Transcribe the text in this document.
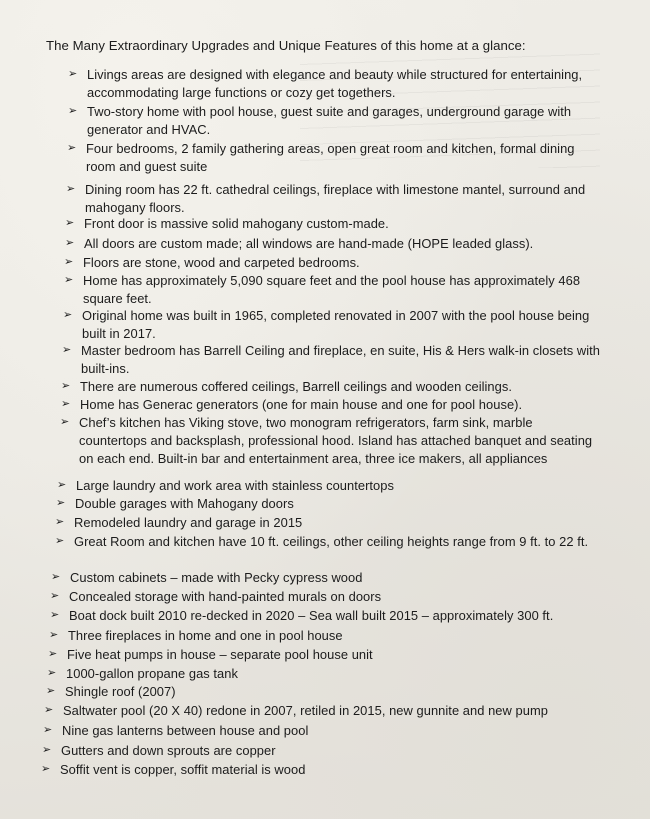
The Many Extraordinary Upgrades and Unique Features of this home at a glance:
➢ Livings areas are designed with elegance and beauty while structured for entertaining, accommodating large functions or cozy get togethers.
➢ Two-story home with pool house, guest suite and garages, underground garage with generator and HVAC.
➢ Four bedrooms, 2 family gathering areas, open great room and kitchen, formal dining room and guest suite
➢ Dining room has 22 ft. cathedral ceilings, fireplace with limestone mantel, surround and mahogany floors.
➢ Front door is massive solid mahogany custom-made.
➢ All doors are custom made; all windows are hand-made (HOPE leaded glass).
➢ Floors are stone, wood and carpeted bedrooms.
➢ Home has approximately 5,090 square feet and the pool house has approximately 468 square feet.
➢ Original home was built in 1965, completed renovated in 2007 with the pool house being built in 2017.
➢ Master bedroom has Barrell Ceiling and fireplace, en suite, His & Hers walk-in closets with built-ins.
➢ There are numerous coffered ceilings, Barrell ceilings and wooden ceilings.
➢ Home has Generac generators (one for main house and one for pool house).
➢ Chef’s kitchen has Viking stove, two monogram refrigerators, farm sink, marble countertops and backsplash, professional hood. Island has attached banquet and seating on each end. Built-in bar and entertainment area, three ice makers, all appliances
➢ Large laundry and work area with stainless countertops
➢ Double garages with Mahogany doors
➢ Remodeled laundry and garage in 2015
➢ Great Room and kitchen have 10 ft. ceilings, other ceiling heights range from 9 ft. to 22 ft.
➢ Custom cabinets – made with Pecky cypress wood
➢ Concealed storage with hand-painted murals on doors
➢ Boat dock built 2010 re-decked in 2020 – Sea wall built 2015 – approximately 300 ft.
➢ Three fireplaces in home and one in pool house
➢ Five heat pumps in house – separate pool house unit
➢ 1000-gallon propane gas tank
➢ Shingle roof (2007)
➢ Saltwater pool (20 X 40) redone in 2007, retiled in 2015, new gunnite and new pump
➢ Nine gas lanterns between house and pool
➢ Gutters and down sprouts are copper
➢ Soffit vent is copper, soffit material is wood
